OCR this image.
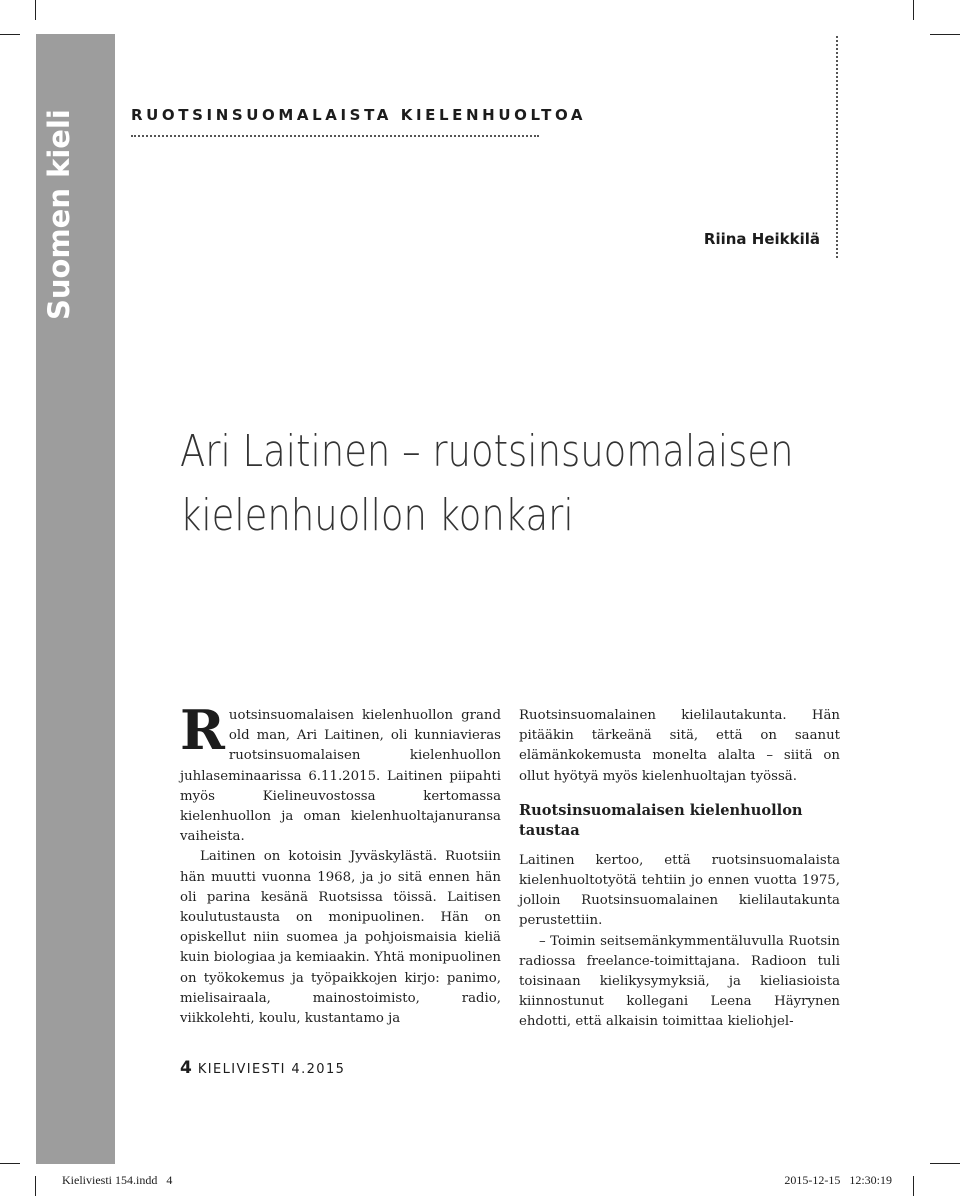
Suomen kieli	RUOTSINSUOMALAISTA KIELENHUOLTOA
Riina Heikkilä
Ari Laitinen – ruotsinsuomalaisen
kielenhuollon konkari

Ruotsinsuomalaisen kielenhuollon grand old man, Ari Laitinen, oli kunniavieras ruotsinsuomalaisen kielenhuollon juhlaseminaarissa 6.11.2015. Laitinen piipahti myös Kielineuvostossa kertomassa kielenhuollon ja oman kielenhuoltajanuransa vaiheista.

Laitinen on kotoisin Jyväskylästä. Ruotsiin hän muutti vuonna 1968, ja jo sitä ennen hän oli parina kesänä Ruotsissa töissä. Laitisen koulutustausta on monipuolinen. Hän on opiskellut niin suomea ja pohjoismaisia kieliä kuin biologiaa ja kemiaakin. Yhtä monipuolinen on työkokemus ja työpaikkojen kirjo: panimo, mielisairaala, mainostoimisto, radio, viikkolehti, koulu, kustantamo ja

Ruotsinsuomalainen kielilautakunta. Hän pitääkin tärkeänä sitä, että on saanut elämänkokemusta monelta alalta – siitä on ollut hyötyä myös kielenhuoltajan työssä.

Ruotsinsuomalaisen kielenhuollon taustaa

Laitinen kertoo, että ruotsinsuomalaista kielenhuoltotyötä tehtiin jo ennen vuotta 1975, jolloin Ruotsinsuomalainen kielilautakunta perustettiin.

– Toimin seitsemänkymmentäluvulla Ruotsin radiossa freelance-toimittajana. Radioon tuli toisinaan kielikysymyksiä, ja kieliasioista kiinnostunut kollegani Leena Häyrynen ehdotti, että alkaisin toimittaa kieliohjel-

4 KIELIVIESTI 4.2015
Kieliviesti 154.indd   4	2015-12-15   12:30:19
